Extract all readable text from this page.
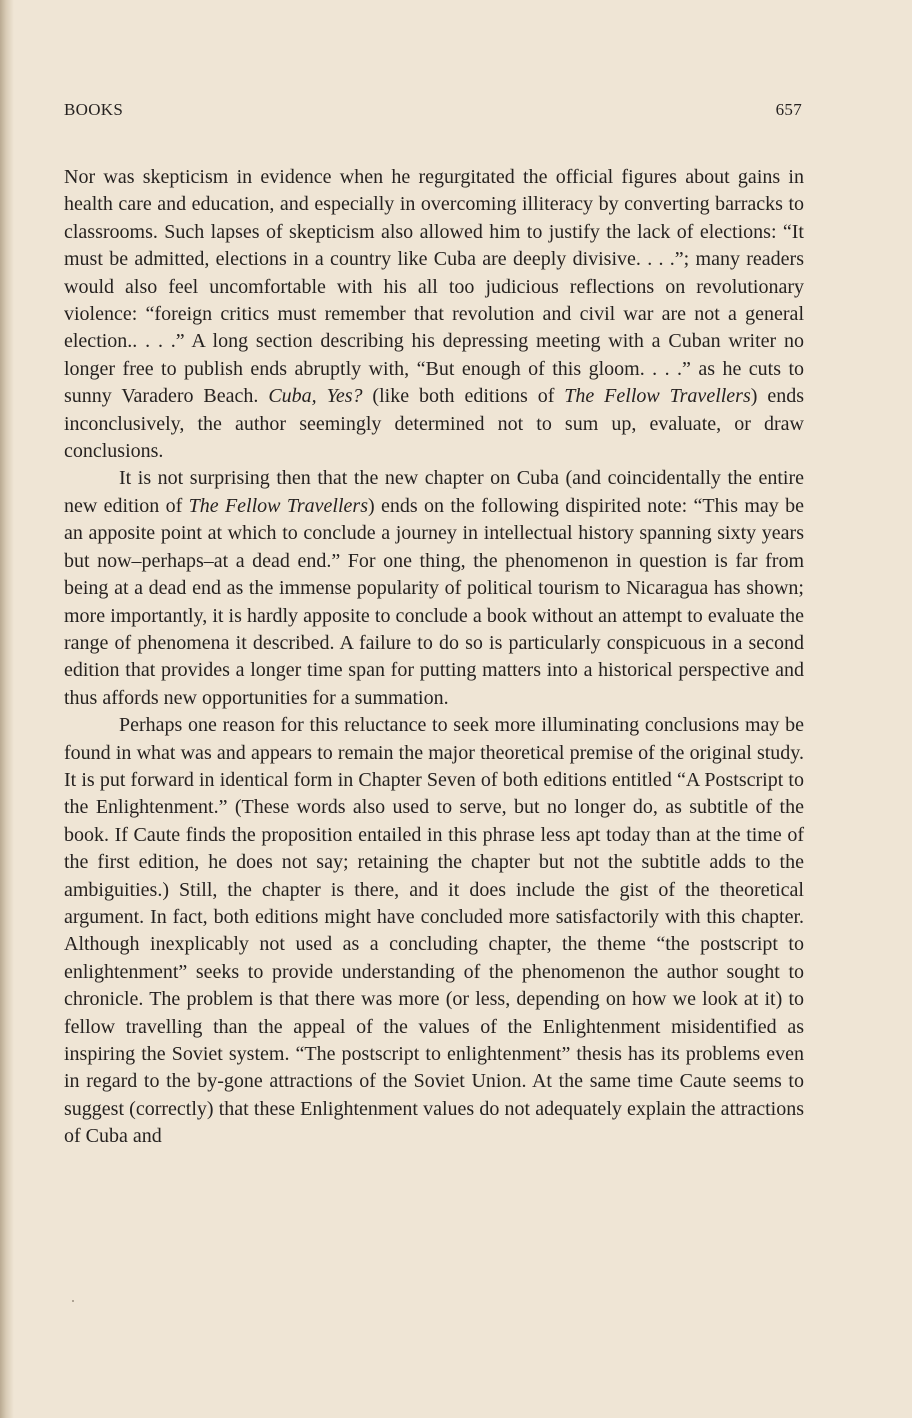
BOOKS	657

Nor was skepticism in evidence when he regurgitated the official figures about gains in health care and education, and especially in overcoming illiteracy by converting barracks to classrooms. Such lapses of skepticism also allowed him to justify the lack of elections: “It must be admitted, elections in a country like Cuba are deeply divisive. . . .”; many readers would also feel uncomfortable with his all too judicious reflections on revolutionary violence: “foreign critics must remember that revolution and civil war are not a general election.. . . .” A long section describing his depressing meeting with a Cuban writer no longer free to publish ends abruptly with, “But enough of this gloom. . . .” as he cuts to sunny Varadero Beach. Cuba, Yes? (like both editions of The Fellow Travellers) ends inconclusively, the author seemingly determined not to sum up, evaluate, or draw conclusions.

It is not surprising then that the new chapter on Cuba (and coincidentally the entire new edition of The Fellow Travellers) ends on the following dispirited note: “This may be an apposite point at which to conclude a journey in intellectual history spanning sixty years but now–perhaps–at a dead end.” For one thing, the phenomenon in question is far from being at a dead end as the immense popularity of political tourism to Nicaragua has shown; more importantly, it is hardly apposite to conclude a book without an attempt to evaluate the range of phenomena it described. A failure to do so is particularly conspicuous in a second edition that provides a longer time span for putting matters into a historical perspective and thus affords new opportunities for a summation.

Perhaps one reason for this reluctance to seek more illuminating conclusions may be found in what was and appears to remain the major theoretical premise of the original study. It is put forward in identical form in Chapter Seven of both editions entitled “A Postscript to the Enlightenment.” (These words also used to serve, but no longer do, as subtitle of the book. If Caute finds the proposition entailed in this phrase less apt today than at the time of the first edition, he does not say; retaining the chapter but not the subtitle adds to the ambiguities.) Still, the chapter is there, and it does include the gist of the theoretical argument. In fact, both editions might have concluded more satisfactorily with this chapter. Although inexplicably not used as a concluding chapter, the theme “the postscript to enlightenment” seeks to provide understanding of the phenomenon the author sought to chronicle. The problem is that there was more (or less, depending on how we look at it) to fellow travelling than the appeal of the values of the Enlightenment misidentified as inspiring the Soviet system. “The postscript to enlightenment” thesis has its problems even in regard to the by-gone attractions of the Soviet Union. At the same time Caute seems to suggest (correctly) that these Enlightenment values do not adequately explain the attractions of Cuba and
